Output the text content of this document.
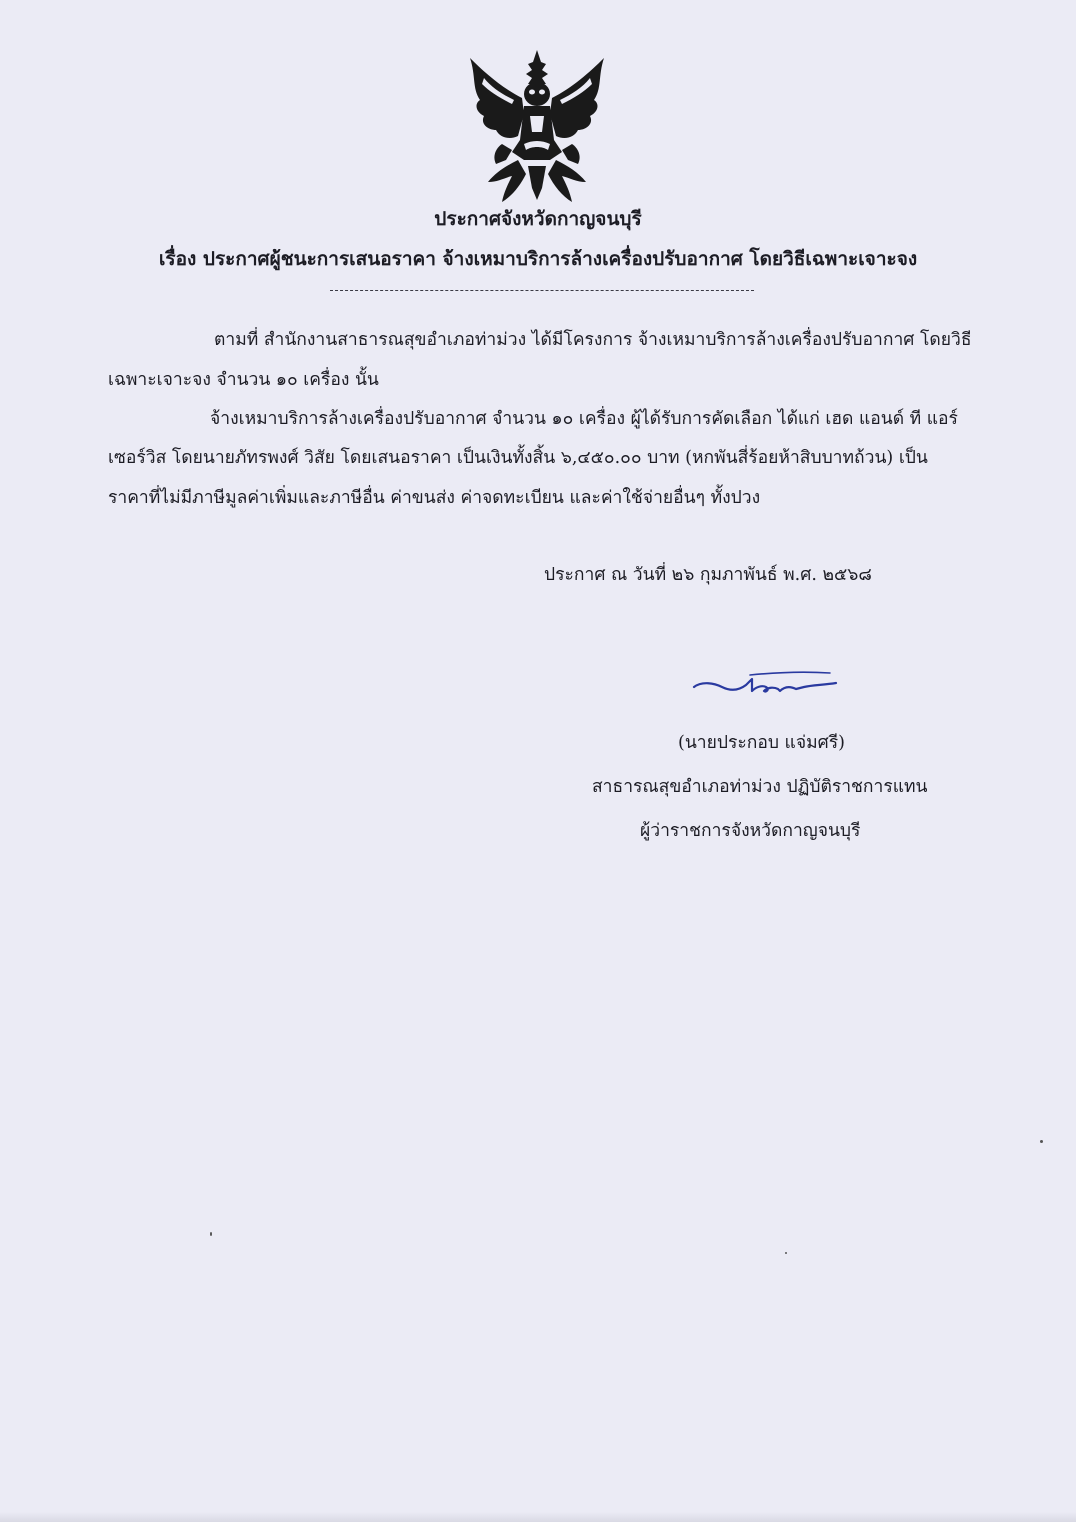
ประกาศจังหวัดกาญจนบุรี
เรื่อง ประกาศผู้ชนะการเสนอราคา จ้างเหมาบริการล้างเครื่องปรับอากาศ โดยวิธีเฉพาะเจาะจง
ตามที่ สำนักงานสาธารณสุขอำเภอท่าม่วง ได้มีโครงการ จ้างเหมาบริการล้างเครื่องปรับอากาศ โดยวิธี
เฉพาะเจาะจง จำนวน ๑๐ เครื่อง นั้น
จ้างเหมาบริการล้างเครื่องปรับอากาศ จำนวน ๑๐ เครื่อง ผู้ได้รับการคัดเลือก ได้แก่ เฮด แอนด์ ที แอร์
เซอร์วิส โดยนายภัทรพงศ์ วิสัย โดยเสนอราคา เป็นเงินทั้งสิ้น ๖,๔๕๐.๐๐ บาท (หกพันสี่ร้อยห้าสิบบาทถ้วน) เป็น
ราคาที่ไม่มีภาษีมูลค่าเพิ่มและภาษีอื่น ค่าขนส่ง ค่าจดทะเบียน และค่าใช้จ่ายอื่นๆ ทั้งปวง
ประกาศ ณ วันที่ ๒๖ กุมภาพันธ์ พ.ศ. ๒๕๖๘
(นายประกอบ แจ่มศรี)
สาธารณสุขอำเภอท่าม่วง ปฏิบัติราชการแทน
ผู้ว่าราชการจังหวัดกาญจนบุรี
